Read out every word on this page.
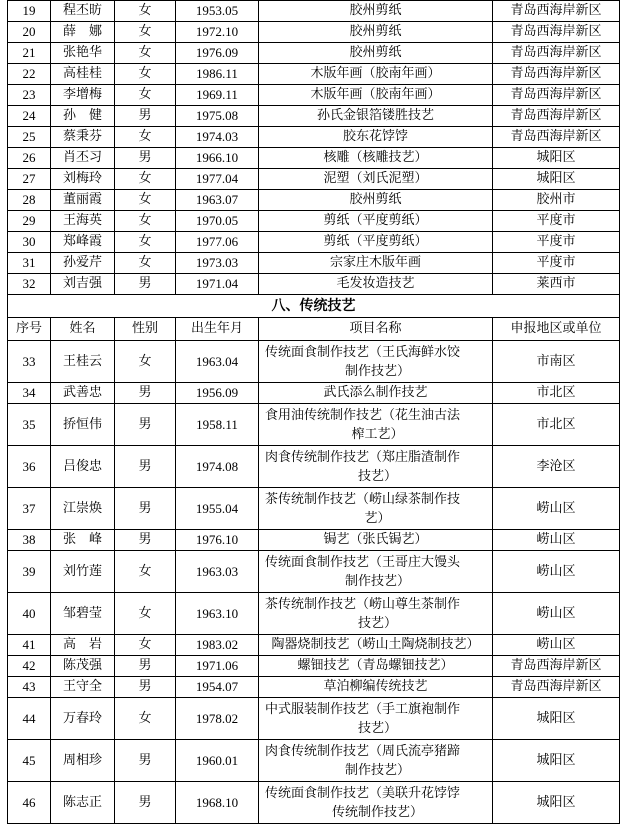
19	程丕昉	女	1953.05	胶州剪纸	青岛西海岸新区
20	薛　娜	女	1972.10	胶州剪纸	青岛西海岸新区
21	张艳华	女	1976.09	胶州剪纸	青岛西海岸新区
22	高桂桂	女	1986.11	木版年画（胶南年画）	青岛西海岸新区
23	李增梅	女	1969.11	木版年画（胶南年画）	青岛西海岸新区
24	孙　健	男	1975.08	孙氏金银箔镂胜技艺	青岛西海岸新区
25	蔡秉芬	女	1974.03	胶东花饽饽	青岛西海岸新区
26	肖丕习	男	1966.10	核雕（核雕技艺）	城阳区
27	刘梅玲	女	1977.04	泥塑（刘氏泥塑）	城阳区
28	董丽霞	女	1963.07	胶州剪纸	胶州市
29	王海英	女	1970.05	剪纸（平度剪纸）	平度市
30	郑峰霞	女	1977.06	剪纸（平度剪纸）	平度市
31	孙爱芹	女	1973.03	宗家庄木版年画	平度市
32	刘吉强	男	1971.04	毛发妆造技艺	莱西市
八、传统技艺					
序号	姓名	性别	出生年月	项目名称	申报地区或单位
33	王桂云	女	1963.04	传统面食制作技艺（王氏海鲜水饺
制作技艺）	市南区
34	武善忠	男	1956.09	武氏添么制作技艺	市北区
35	挢恒伟	男	1958.11	食用油传统制作技艺（花生油古法
榨工艺）	市北区
36	吕俊忠	男	1974.08	肉食传统制作技艺（郑庄脂渣制作
技艺）	李沧区
37	江崇焕	男	1955.04	茶传统制作技艺（崂山绿茶制作技
艺）	崂山区
38	张　峰	男	1976.10	锔艺（张氏锔艺）	崂山区
39	刘竹莲	女	1963.03	传统面食制作技艺（王哥庄大馒头
制作技艺）	崂山区
40	邹碧莹	女	1963.10	茶传统制作技艺（崂山尊生茶制作
技艺）	崂山区
41	高　岩	女	1983.02	陶器烧制技艺（崂山土陶烧制技艺）	崂山区
42	陈茂强	男	1971.06	螺钿技艺（青岛螺钿技艺）	青岛西海岸新区
43	王守全	男	1954.07	草泊柳编传统技艺	青岛西海岸新区
44	万春玲	女	1978.02	中式服装制作技艺（手工旗袍制作
技艺）	城阳区
45	周相珍	男	1960.01	肉食传统制作技艺（周氏流亭猪蹄
制作技艺）	城阳区
46	陈志正	男	1968.10	传统面食制作技艺（美联升花饽饽
传统制作技艺）	城阳区
